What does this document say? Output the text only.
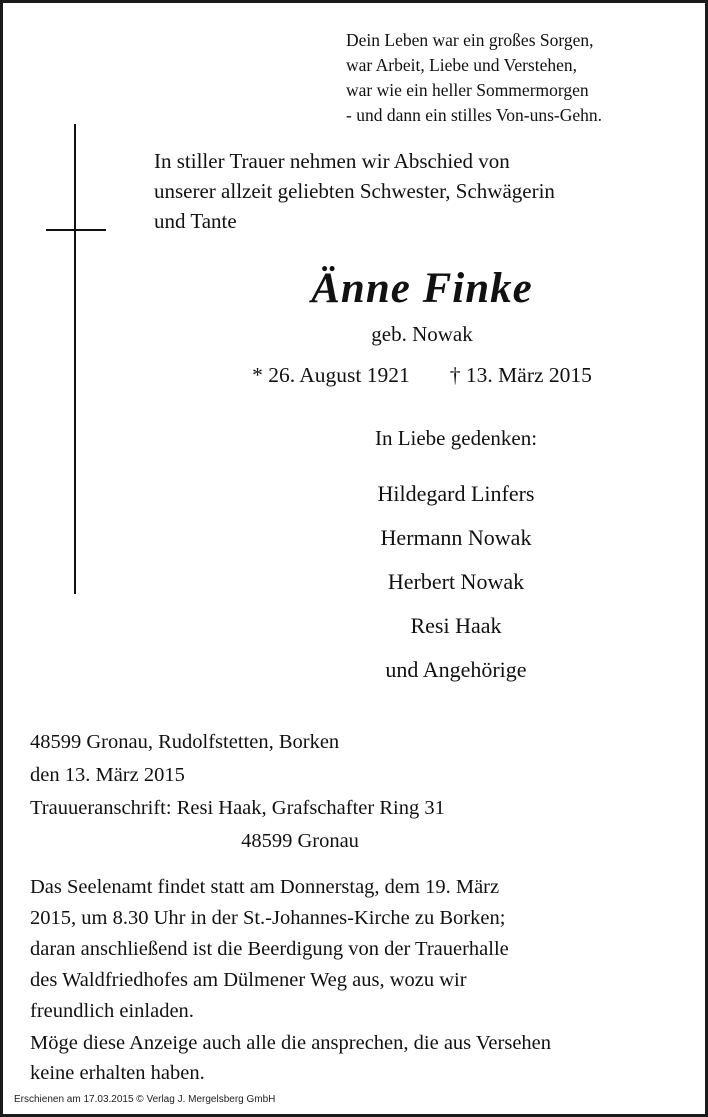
Dein Leben war ein großes Sorgen,
war Arbeit, Liebe und Verstehen,
war wie ein heller Sommermorgen
- und dann ein stilles Von-uns-Gehn.
In stiller Trauer nehmen wir Abschied von
unserer allzeit geliebten Schwester, Schwägerin
und Tante
Änne Finke
geb. Nowak
* 26. August 1921 † 13. März 2015
In Liebe gedenken:
Hildegard Linfers
Hermann Nowak
Herbert Nowak
Resi Haak
und Angehörige
48599 Gronau, Rudolfstetten, Borken
den 13. März 2015
Trauueranschrift: Resi Haak, Grafschafter Ring 31
48599 Gronau
Das Seelenamt findet statt am Donnerstag, dem 19. März
2015, um 8.30 Uhr in der St.-Johannes-Kirche zu Borken;
daran anschließend ist die Beerdigung von der Trauerhalle
des Waldfriedhofes am Dülmener Weg aus, wozu wir
freundlich einladen.
Möge diese Anzeige auch alle die ansprechen, die aus Versehen
keine erhalten haben.
Erschienen am 17.03.2015 © Verlag J. Mergelsberg GmbH
